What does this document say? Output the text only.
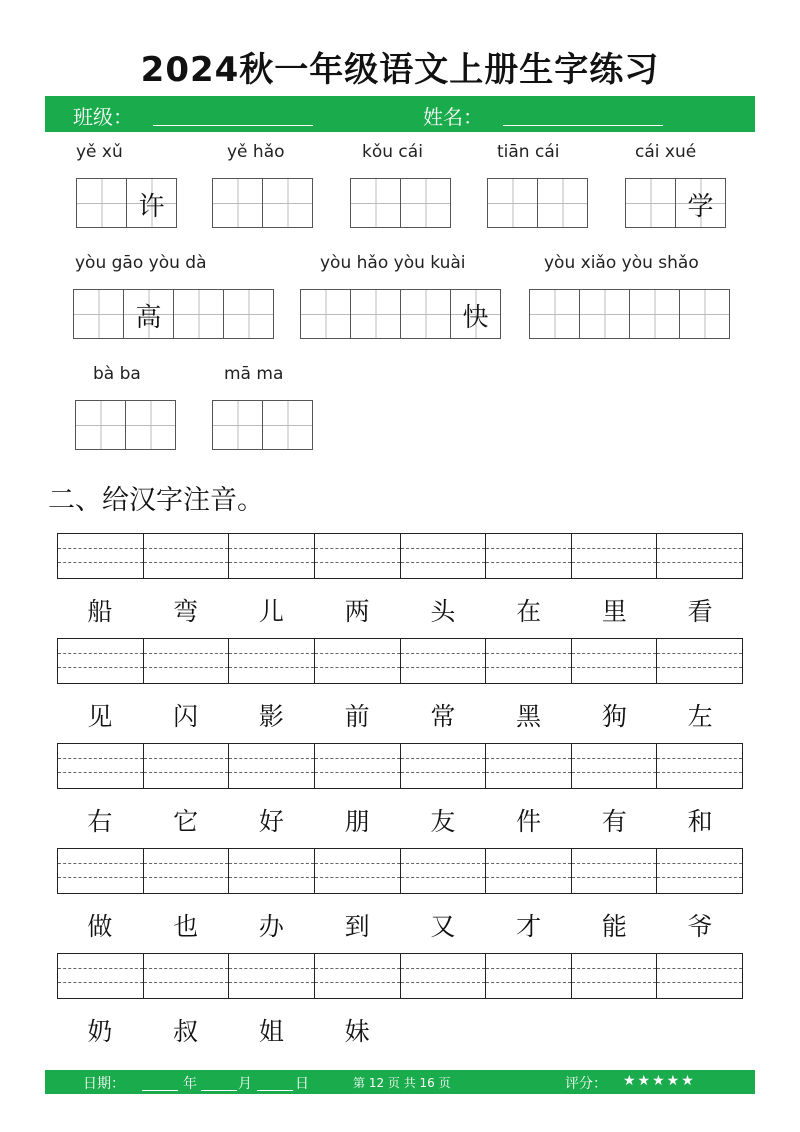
2024秋一年级语文上册生字练习
班级：	姓名：
yě xǔ
许
yě hǎo	kǒu cái	tiān cái	cái xué
学
yòu gāo yòu dà
高
yòu hǎo yòu kuài
快
yòu xiǎo yòu shǎo
bà ba	mā ma
二、给汉字注音。
船	弯	儿	两	头	在	里	看
见	闪	影	前	常	黑	狗	左
右	它	好	朋	友	件	有	和
做	也	办	到	又	才	能	爷
奶	叔	姐	妹
日期：	年	月	日	第 12 页 共 16 页	评分： ★★★★★
